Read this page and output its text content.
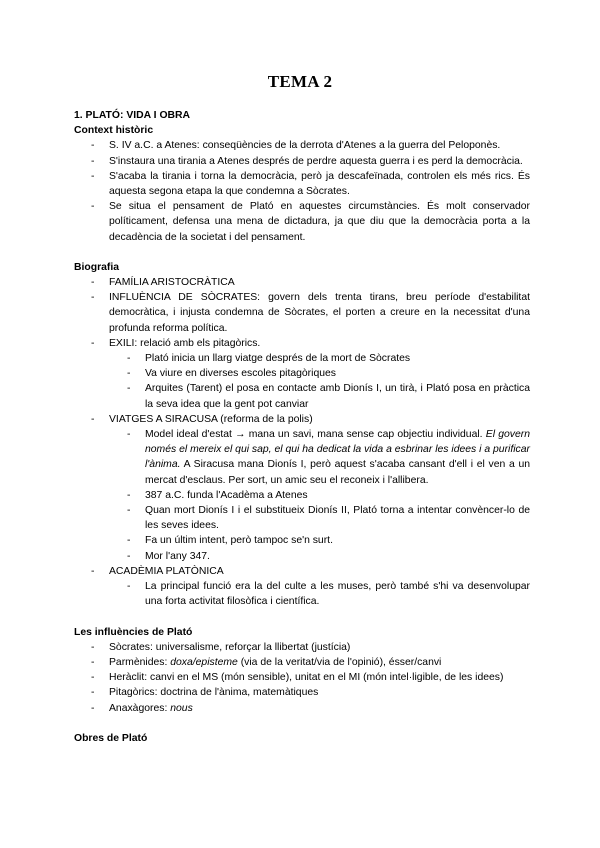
TEMA 2

1. PLATÓ: VIDA I OBRA

Context històric

- S. IV a.C. a Atenes: conseqüències de la derrota d'Atenes a la guerra del Peloponès.
- S'instaura una tirania a Atenes després de perdre aquesta guerra i es perd la democràcia.
- S'acaba la tirania i torna la democràcia, però ja descafeïnada, controlen els més rics. És aquesta segona etapa la que condemna a Sòcrates.
- Se situa el pensament de Plató en aquestes circumstàncies. És molt conservador políticament, defensa una mena de dictadura, ja que diu que la democràcia porta a la decadència de la societat i del pensament.

Biografia

- FAMÍLIA ARISTOCRÀTICA
- INFLUÈNCIA DE SÒCRATES: govern dels trenta tirans, breu període d'estabilitat democràtica, i injusta condemna de Sòcrates, el porten a creure en la necessitat d'una profunda reforma política.
- EXILI: relació amb els pitagòrics.
- Plató inicia un llarg viatge després de la mort de Sòcrates
- Va viure en diverses escoles pitagòriques
- Arquites (Tarent) el posa en contacte amb Dionís I, un tirà, i Plató posa en pràctica la seva idea que la gent pot canviar
- VIATGES A SIRACUSA (reforma de la polis)
- Model ideal d'estat → mana un savi, mana sense cap objectiu individual. El govern només el mereix el qui sap, el qui ha dedicat la vida a esbrinar les idees i a purificar l'ànima. A Siracusa mana Dionís I, però aquest s'acaba cansant d'ell i el ven a un mercat d'esclaus. Per sort, un amic seu el reconeix i l'allibera.
- 387 a.C. funda l'Acadèma a Atenes
- Quan mort Dionís I i el substitueix Dionís II, Plató torna a intentar convèncer-lo de les seves idees.
- Fa un últim intent, però tampoc se'n surt.
- Mor l'any 347.
- ACADÈMIA PLATÒNICA
- La principal funció era la del culte a les muses, però també s'hi va desenvolupar una forta activitat filosòfica i científica.

Les influències de Plató

- Sòcrates: universalisme, reforçar la llibertat (justícia)
- Parmènides: doxa/episteme (via de la veritat/via de l'opinió), ésser/canvi
- Heràclit: canvi en el MS (món sensible), unitat en el MI (món intel·ligible, de les idees)
- Pitagòrics: doctrina de l'ànima, matemàtiques
- Anaxàgores: nous

Obres de Plató
